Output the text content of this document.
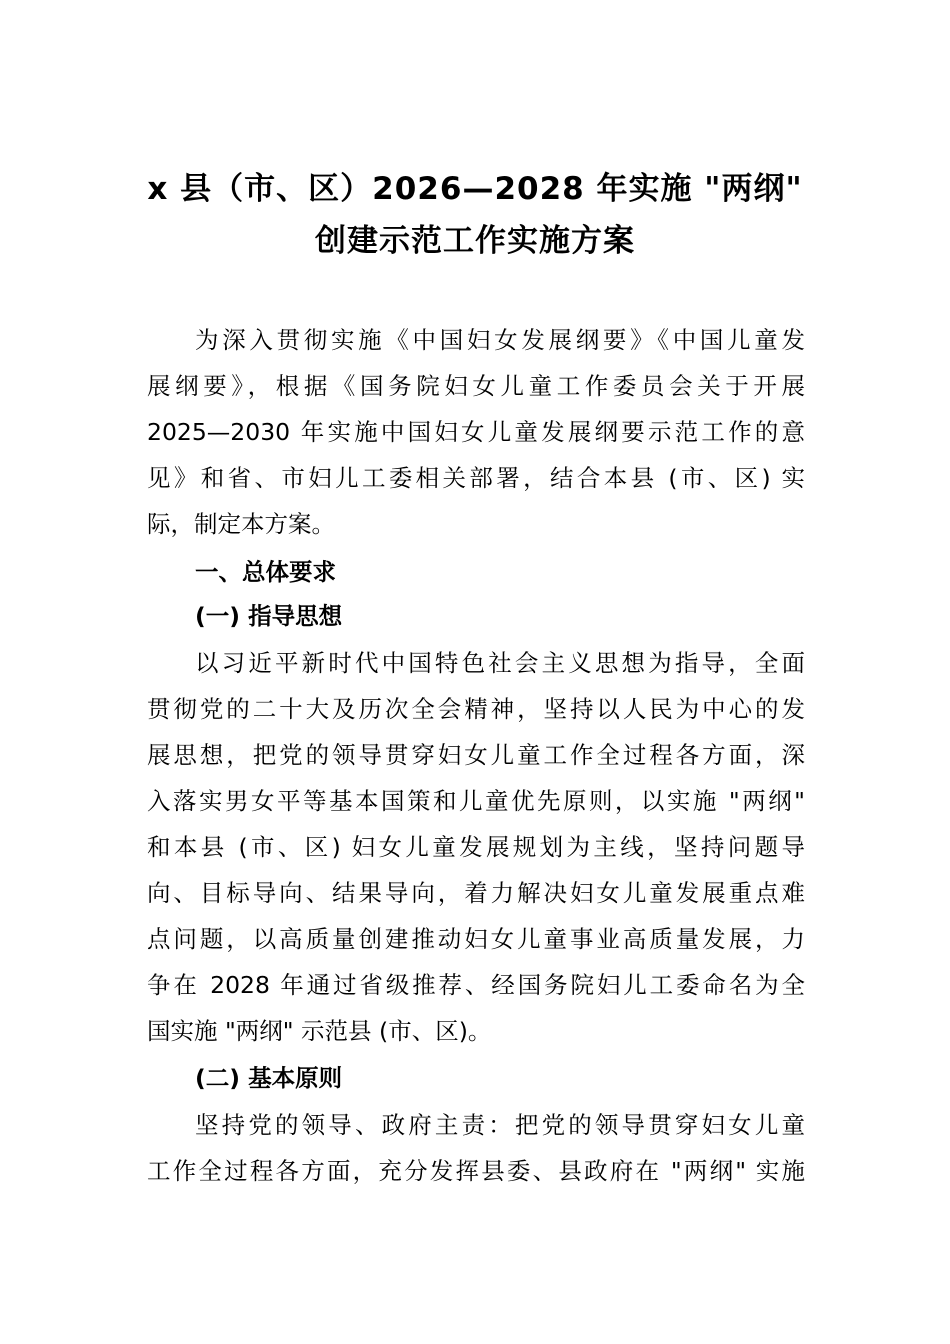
x 县（市、区）2026—2028 年实施 "两纲"
创建示范工作实施方案
为深入贯彻实施《中国妇女发展纲要》《中国儿童发
展纲要》，根据《国务院妇女儿童工作委员会关于开展
2025—2030 年实施中国妇女儿童发展纲要示范工作的意
见》和省、市妇儿工委相关部署，结合本县 (市、区) 实
际，制定本方案。
一、总体要求
(一) 指导思想
以习近平新时代中国特色社会主义思想为指导，全面
贯彻党的二十大及历次全会精神，坚持以人民为中心的发
展思想，把党的领导贯穿妇女儿童工作全过程各方面，深
入落实男女平等基本国策和儿童优先原则，以实施 "两纲"
和本县 (市、区) 妇女儿童发展规划为主线，坚持问题导
向、目标导向、结果导向，着力解决妇女儿童发展重点难
点问题，以高质量创建推动妇女儿童事业高质量发展，力
争在 2028 年通过省级推荐、经国务院妇儿工委命名为全
国实施 "两纲" 示范县 (市、区)。
(二) 基本原则
坚持党的领导、政府主责：把党的领导贯穿妇女儿童
工作全过程各方面，充分发挥县委、县政府在 "两纲" 实施
